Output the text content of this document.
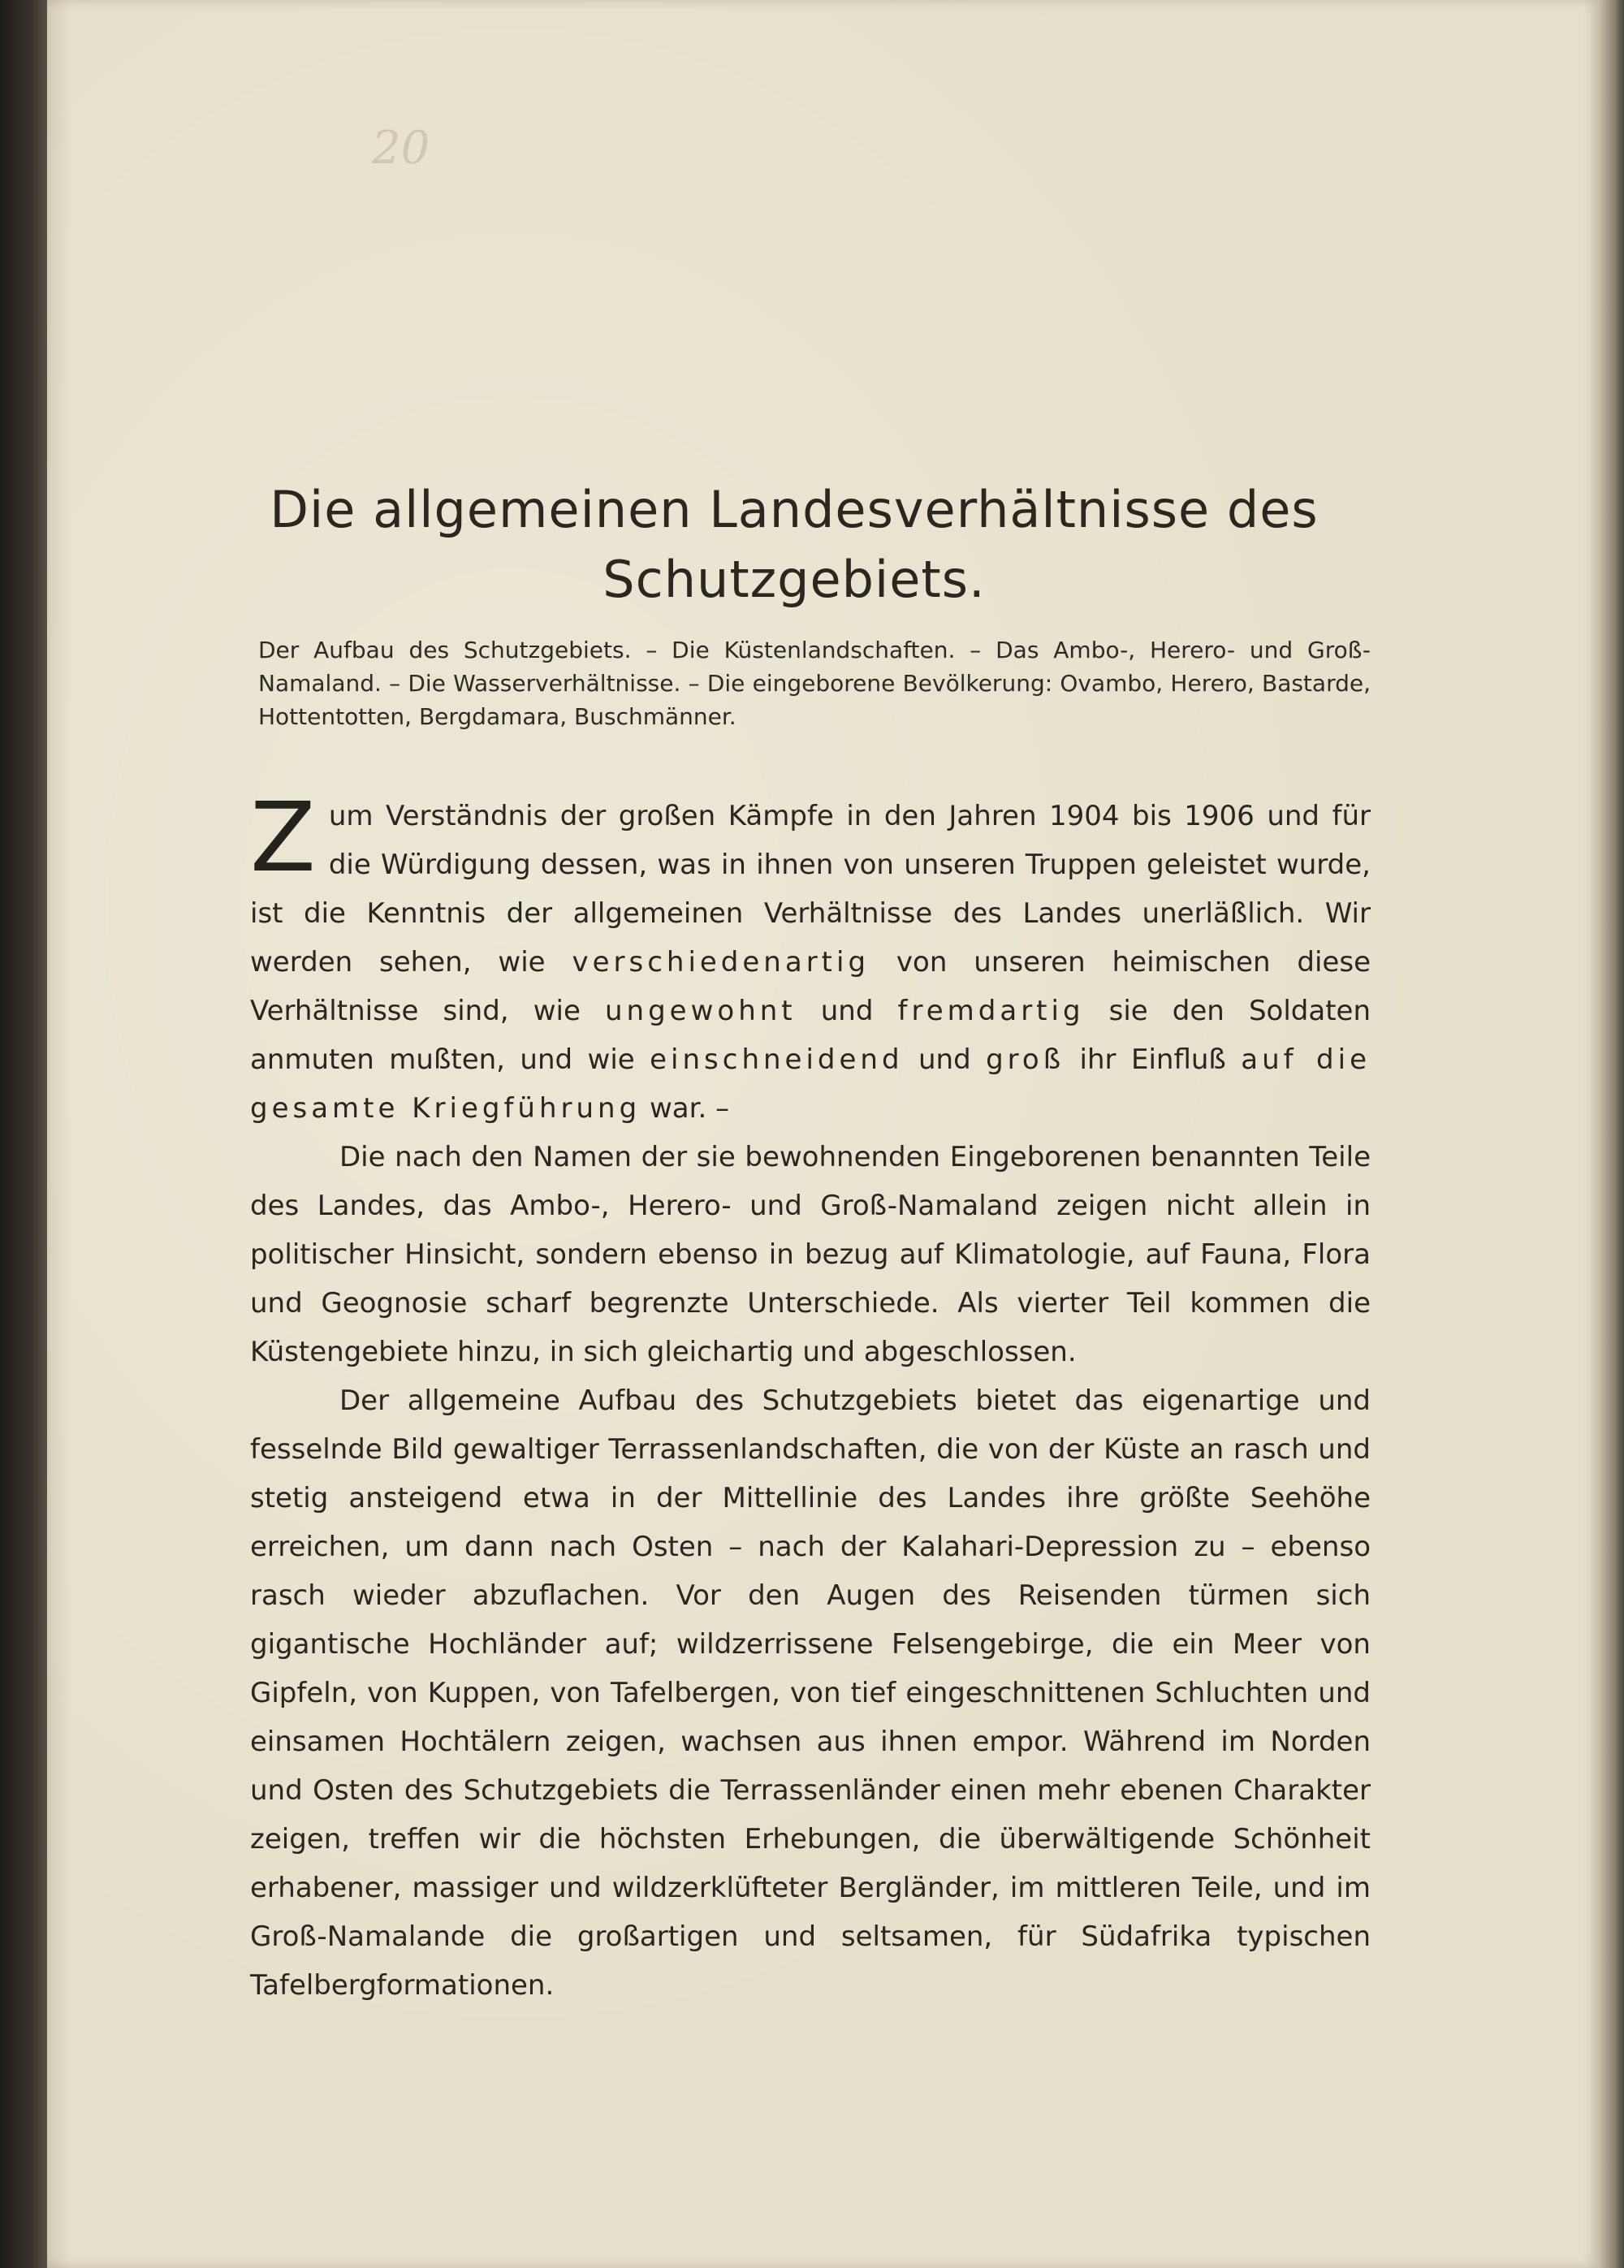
20
Die allgemeinen Landesverhältnisse des Schutzgebiets.
Der Aufbau des Schutzgebiets. – Die Küstenlandschaften. – Das Ambo-, Herero- und Groß-Namaland. – Die Wasserverhältnisse. – Die eingeborene Bevölkerung: Ovambo, Herero, Bastarde, Hottentotten, Bergdamara, Buschmänner.

Zum Verständnis der großen Kämpfe in den Jahren 1904 bis 1906 und für die Würdigung dessen, was in ihnen von unseren Truppen geleistet wurde, ist die Kenntnis der allgemeinen Verhältnisse des Landes unerläßlich. Wir werden sehen, wie verschiedenartig von unseren heimischen diese Verhältnisse sind, wie ungewohnt und fremdartig sie den Soldaten anmuten mußten, und wie einschneidend und groß ihr Einfluß auf die gesamte Kriegführung war. –

Die nach den Namen der sie bewohnenden Eingeborenen benannten Teile des Landes, das Ambo-, Herero- und Groß-Namaland zeigen nicht allein in politischer Hinsicht, sondern ebenso in bezug auf Klimatologie, auf Fauna, Flora und Geognosie scharf begrenzte Unterschiede. Als vierter Teil kommen die Küstengebiete hinzu, in sich gleichartig und abgeschlossen.

Der allgemeine Aufbau des Schutzgebiets bietet das eigenartige und fesselnde Bild gewaltiger Terrassenlandschaften, die von der Küste an rasch und stetig ansteigend etwa in der Mittellinie des Landes ihre größte Seehöhe erreichen, um dann nach Osten – nach der Kalahari-Depression zu – ebenso rasch wieder abzuflachen. Vor den Augen des Reisenden türmen sich gigantische Hochländer auf; wildzerrissene Felsengebirge, die ein Meer von Gipfeln, von Kuppen, von Tafelbergen, von tief eingeschnittenen Schluchten und einsamen Hochtälern zeigen, wachsen aus ihnen empor. Während im Norden und Osten des Schutzgebiets die Terrassenländer einen mehr ebenen Charakter zeigen, treffen wir die höchsten Erhebungen, die überwältigende Schönheit erhabener, massiger und wildzerklüfteter Bergländer, im mittleren Teile, und im Groß-Namalande die großartigen und seltsamen, für Südafrika typischen Tafelbergformationen.
